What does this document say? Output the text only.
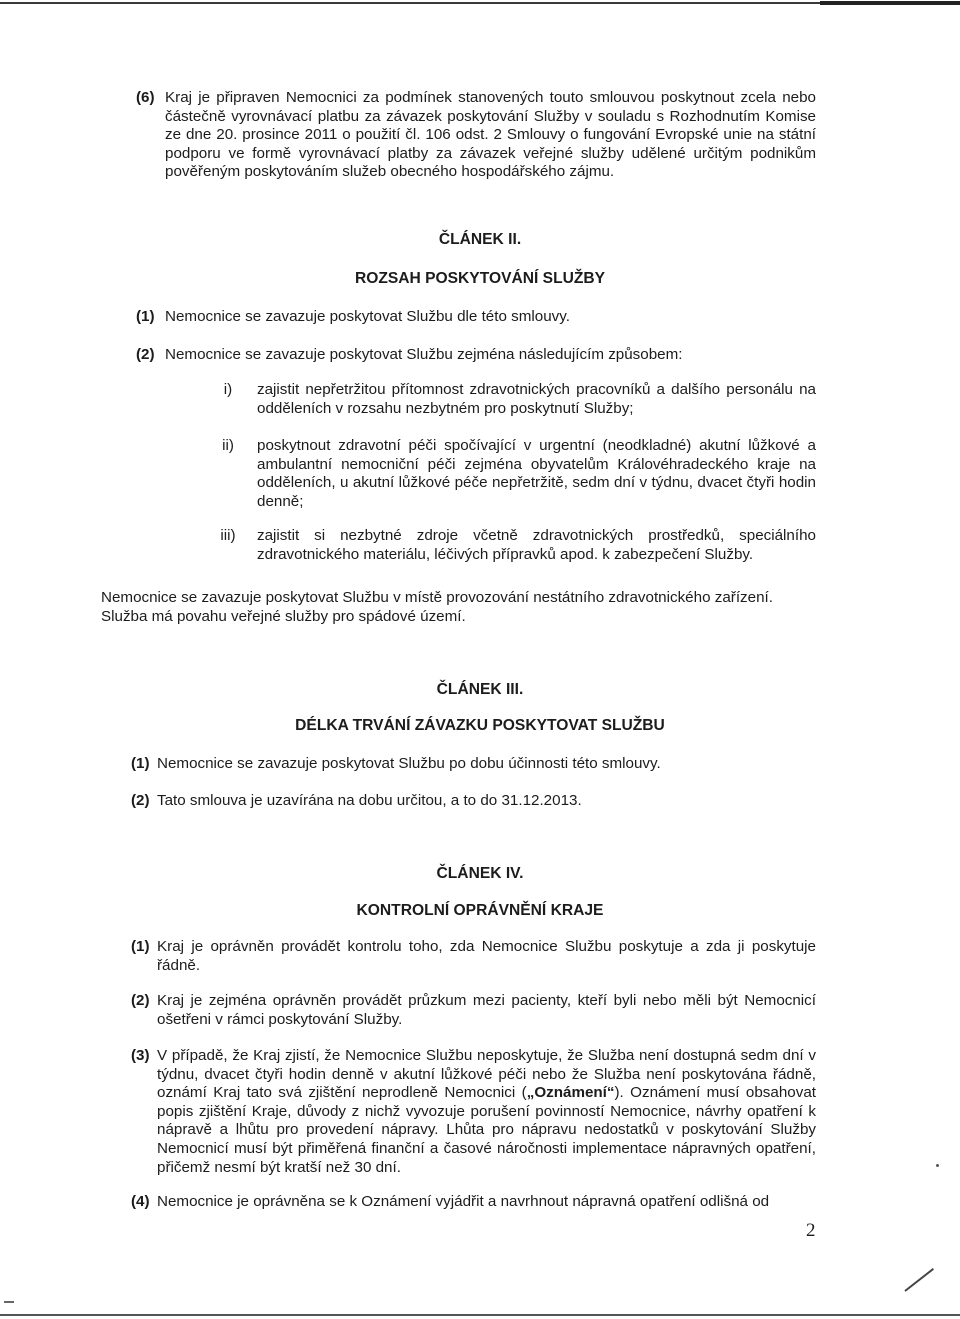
(6) Kraj je připraven Nemocnici za podmínek stanovených touto smlouvou poskytnout zcela nebo částečně vyrovnávací platbu za závazek poskytování Služby v souladu s Rozhodnutím Komise ze dne 20. prosince 2011 o použití čl. 106 odst. 2 Smlouvy o fungování Evropské unie na státní podporu ve formě vyrovnávací platby za závazek veřejné služby udělené určitým podnikům pověřeným poskytováním služeb obecného hospodářského zájmu.
ČLÁNEK II.
ROZSAH POSKYTOVÁNÍ SLUŽBY
(1) Nemocnice se zavazuje poskytovat Službu dle této smlouvy.
(2) Nemocnice se zavazuje poskytovat Službu zejména následujícím způsobem:
i)	zajistit nepřetržitou přítomnost zdravotnických pracovníků a dalšího personálu na odděleních v rozsahu nezbytném pro poskytnutí Služby;
ii)	poskytnout zdravotní péči spočívající v urgentní (neodkladné) akutní lůžkové a ambulantní nemocniční péči zejména obyvatelům Královéhradeckého kraje na odděleních, u akutní lůžkové péče nepřetržitě, sedm dní v týdnu, dvacet čtyři hodin denně;
iii)	zajistit si nezbytné zdroje včetně zdravotnických prostředků, speciálního zdravotnického materiálu, léčivých přípravků apod. k zabezpečení Služby.
Nemocnice se zavazuje poskytovat Službu v místě provozování nestátního zdravotnického zařízení.
Služba má povahu veřejné služby pro spádové území.
ČLÁNEK III.
DÉLKA TRVÁNÍ ZÁVAZKU POSKYTOVAT SLUŽBU
(1) Nemocnice se zavazuje poskytovat Službu po dobu účinnosti této smlouvy.
(2) Tato smlouva je uzavírána na dobu určitou, a to do 31.12.2013.
ČLÁNEK IV.
KONTROLNÍ OPRÁVNĚNÍ KRAJE
(1) Kraj je oprávněn provádět kontrolu toho, zda Nemocnice Službu poskytuje a zda ji poskytuje řádně.
(2) Kraj je zejména oprávněn provádět průzkum mezi pacienty, kteří byli nebo měli být Nemocnicí ošetřeni v rámci poskytování Služby.
(3) V případě, že Kraj zjistí, že Nemocnice Službu neposkytuje, že Služba není dostupná sedm dní v týdnu, dvacet čtyři hodin denně v akutní lůžkové péči nebo že Služba není poskytována řádně, oznámí Kraj tato svá zjištění neprodleně Nemocnici („Oznámení“). Oznámení musí obsahovat popis zjištění Kraje, důvody z nichž vyvozuje porušení povinností Nemocnice, návrhy opatření k nápravě a lhůtu pro provedení nápravy. Lhůta pro nápravu nedostatků v poskytování Služby Nemocnicí musí být přiměřená finanční a časové náročnosti implementace nápravných opatření, přičemž nesmí být kratší než 30 dní.
(4) Nemocnice je oprávněna se k Oznámení vyjádřit a navrhnout nápravná opatření odlišná od
2
